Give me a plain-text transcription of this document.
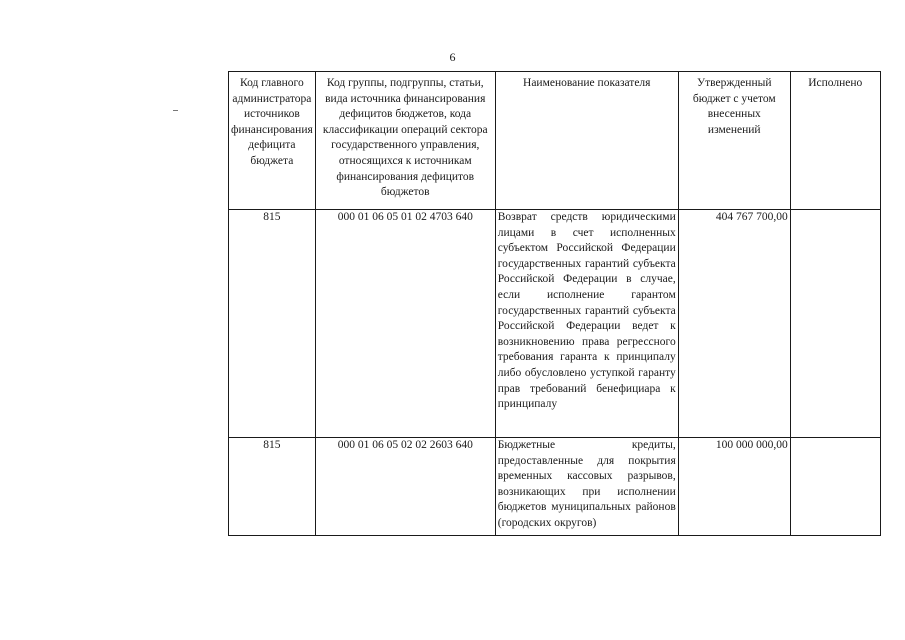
6
Код главного администратора источников финансирования дефицита бюджета	Код группы, подгруппы, статьи, вида источника финансирования дефицитов бюджетов, кода классификации операций сектора государственного управления, относящихся к источникам финансирования дефицитов бюджетов	Наименование показателя	Утвержденный бюджет с учетом внесенных изменений	Исполнено
815	000 01 06 05 01 02 4703 640	Возврат средств юридическими лицами в счет исполненных субъектом Российской Федерации государственных гарантий субъекта Российской Федерации в случае, если исполнение гарантом государственных гарантий субъекта Российской Федерации ведет к возникновению права регрессного требования гаранта к принципалу либо обусловлено уступкой гаранту прав требований бенефициара к принципалу	404 767 700,00	
815	000 01 06 05 02 02 2603 640	Бюджетные кредиты, предоставленные для покрытия временных кассовых разрывов, возникающих при исполнении бюджетов муниципальных районов (городских округов)	100 000 000,00	
